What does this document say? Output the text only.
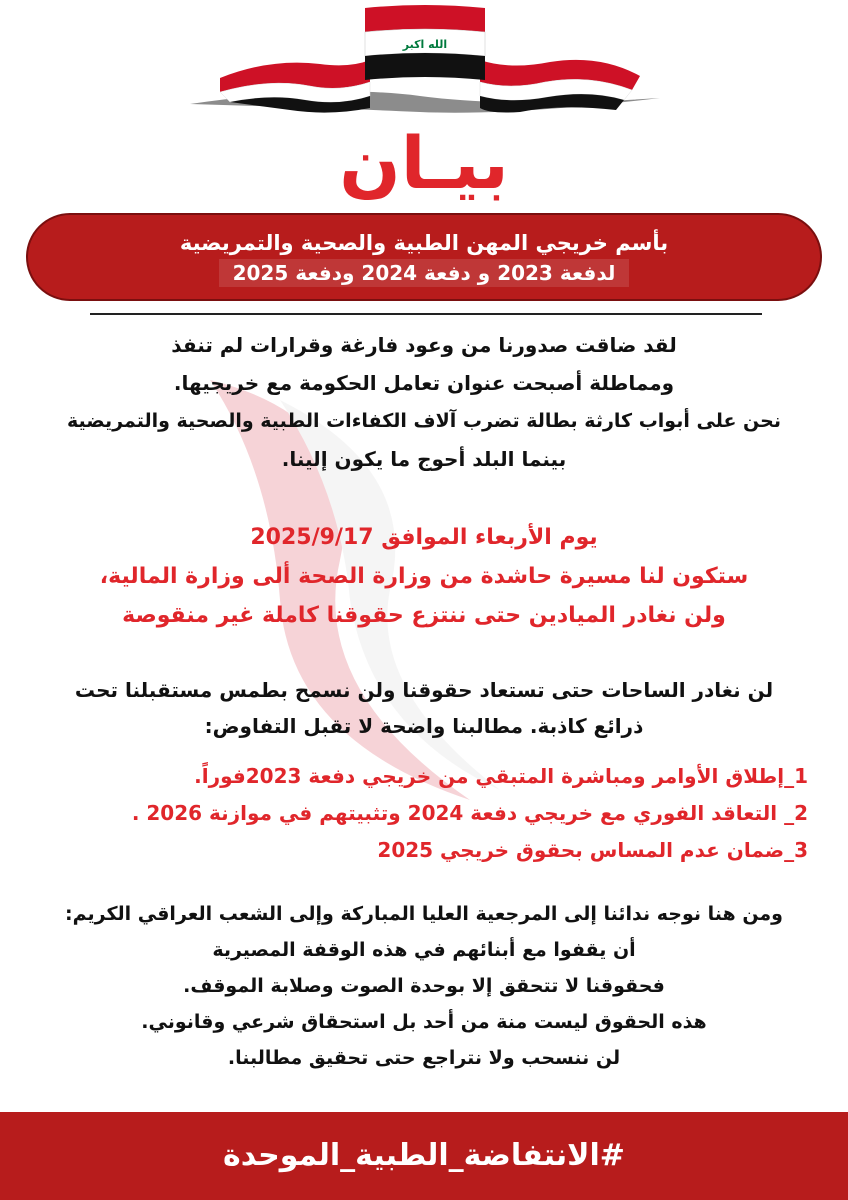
الله اكبر
بيـان
بأسم خريجي المهن الطبية والصحية والتمريضية
لدفعة 2023 و دفعة 2024 ودفعة 2025
لقد ضاقت صدورنا من وعود فارغة وقرارات لم تنفذ
ومماطلة أصبحت عنوان تعامل الحكومة مع خريجيها.
نحن على أبواب كارثة بطالة تضرب آلاف الكفاءات الطبية والصحية والتمريضية
بينما البلد أحوج ما يكون إلينا.
يوم الأربعاء الموافق 2025/9/17
ستكون لنا مسيرة حاشدة من وزارة الصحة ألى وزارة المالية،
ولن نغادر الميادين حتى ننتزع حقوقنا كاملة غير منقوصة
لن نغادر الساحات حتى تستعاد حقوقنا ولن نسمح بطمس مستقبلنا تحت
ذرائع كاذبة. مطالبنا واضحة لا تقبل التفاوض:
1_إطلاق الأوامر ومباشرة المتبقي من خريجي دفعة 2023فوراً.
2_ التعاقد الفوري مع خريجي دفعة 2024 وتثبيتهم في موازنة 2026 .
3_ضمان عدم المساس بحقوق خريجي 2025
ومن هنا نوجه ندائنا إلى المرجعية العليا المباركة وإلى الشعب العراقي الكريم:
أن يقفوا مع أبنائهم في هذه الوقفة المصيرية
فحقوقنا لا تتحقق إلا بوحدة الصوت وصلابة الموقف.
هذه الحقوق ليست منة من أحد بل استحقاق شرعي وقانوني.
لن ننسحب ولا نتراجع حتى تحقيق مطالبنا.
#الانتفاضة_الطبية_الموحدة
